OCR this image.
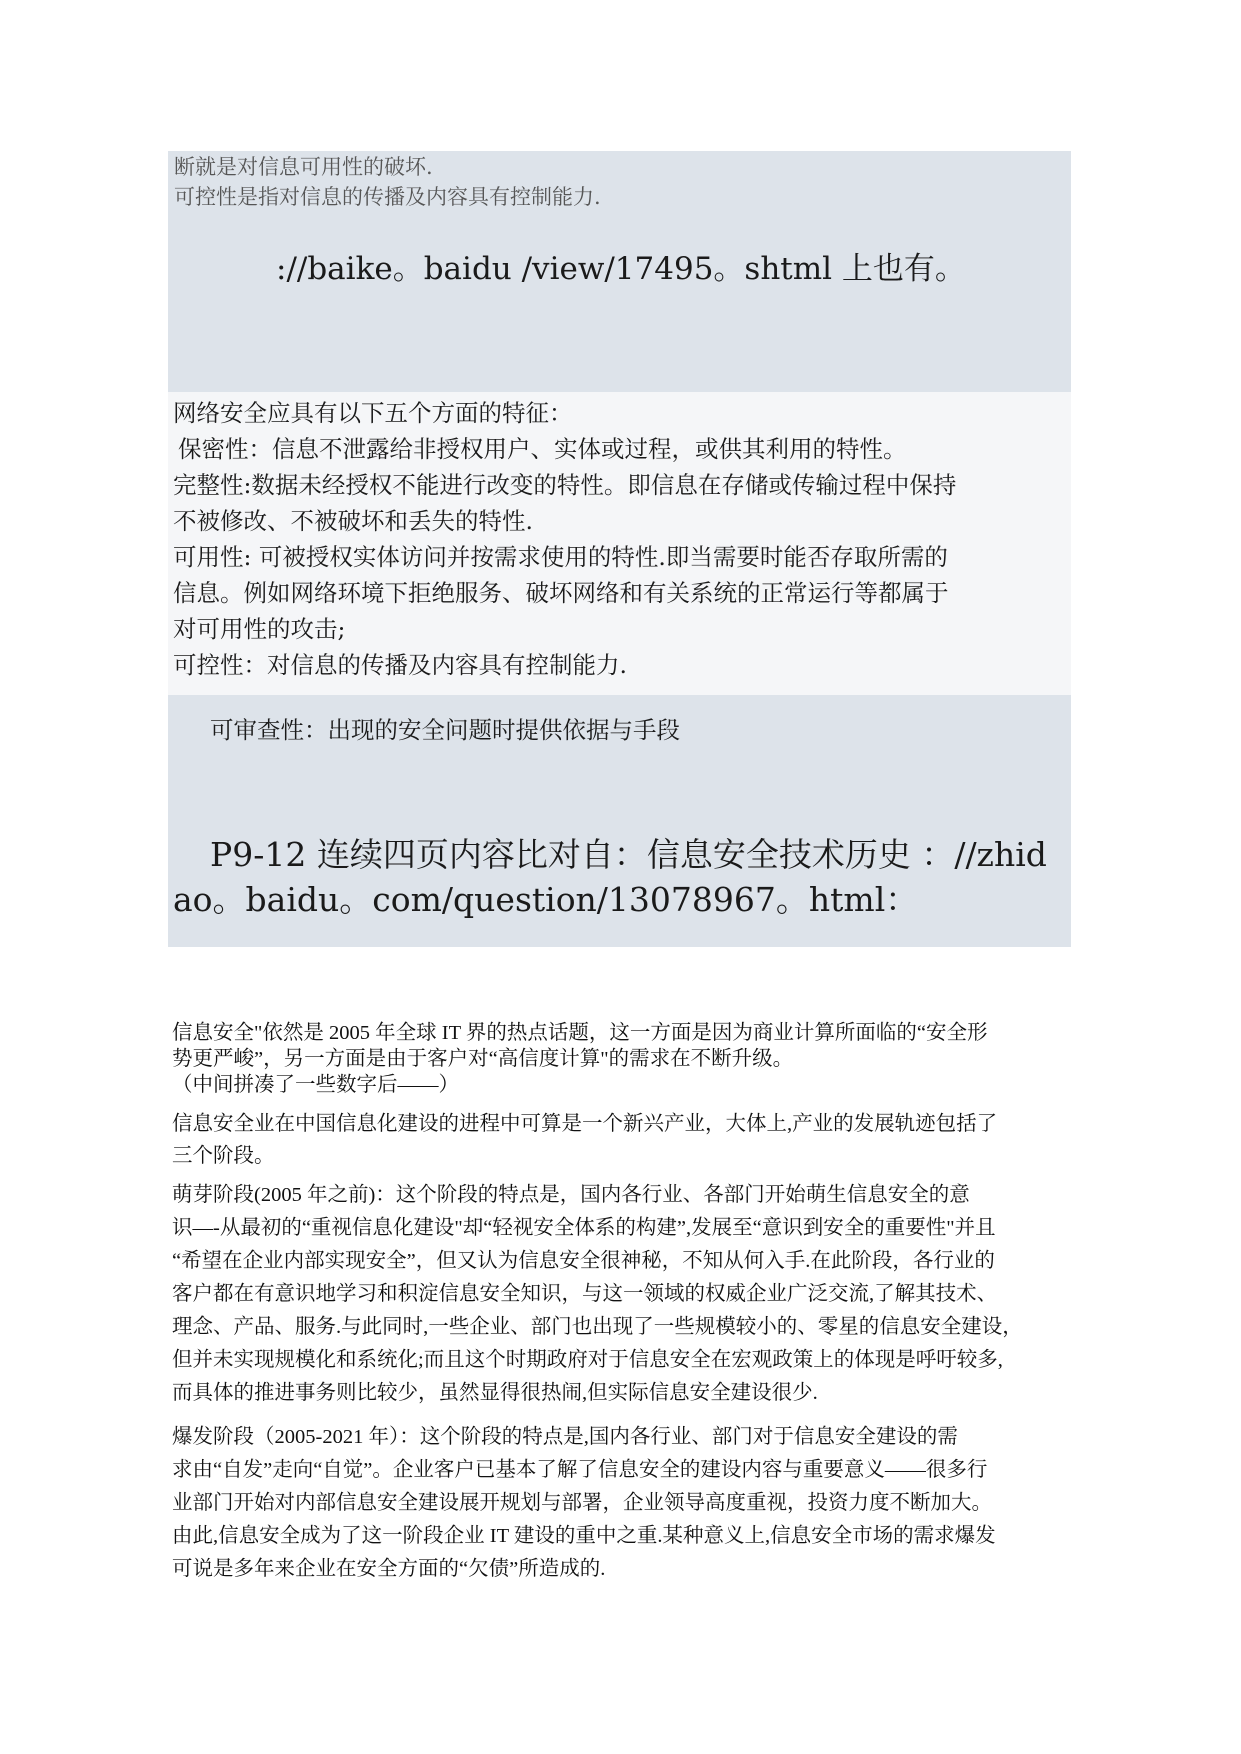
断就是对信息可用性的破坏.
可控性是指对信息的传播及内容具有控制能力.
://baike。baidu /view/17495。shtml 上也有。
网络安全应具有以下五个方面的特征：
保密性：信息不泄露给非授权用户、实体或过程，或供其利用的特性。
完整性:数据未经授权不能进行改变的特性。即信息在存储或传输过程中保持
不被修改、不被破坏和丢失的特性.
可用性: 可被授权实体访问并按需求使用的特性.即当需要时能否存取所需的
信息。例如网络环境下拒绝服务、破坏网络和有关系统的正常运行等都属于
对可用性的攻击;
可控性：对信息的传播及内容具有控制能力.
可审查性：出现的安全问题时提供依据与手段
P9-12 连续四页内容比对自：信息安全技术历史 ：//zhid
ao。baidu。com/question/13078967。html：
信息安全"依然是 2005 年全球 IT 界的热点话题，这一方面是因为商业计算所面临的“安全形
势更严峻”，另一方面是由于客户对“高信度计算"的需求在不断升级。
（中间拼凑了一些数字后——）
信息安全业在中国信息化建设的进程中可算是一个新兴产业，大体上,产业的发展轨迹包括了
三个阶段。
萌芽阶段(2005 年之前)：这个阶段的特点是，国内各行业、各部门开始萌生信息安全的意
识—-从最初的“重视信息化建设"却“轻视安全体系的构建”,发展至“意识到安全的重要性"并且
“希望在企业内部实现安全”，但又认为信息安全很神秘，不知从何入手.在此阶段，各行业的
客户都在有意识地学习和积淀信息安全知识，与这一领域的权威企业广泛交流,了解其技术、
理念、产品、服务.与此同时,一些企业、部门也出现了一些规模较小的、零星的信息安全建设，
但并未实现规模化和系统化;而且这个时期政府对于信息安全在宏观政策上的体现是呼吁较多,
而具体的推进事务则比较少，虽然显得很热闹,但实际信息安全建设很少.
爆发阶段（2005-2021 年）：这个阶段的特点是,国内各行业、部门对于信息安全建设的需
求由“自发”走向“自觉”。企业客户已基本了解了信息安全的建设内容与重要意义——很多行
业部门开始对内部信息安全建设展开规划与部署，企业领导高度重视，投资力度不断加大。
由此,信息安全成为了这一阶段企业 IT 建设的重中之重.某种意义上,信息安全市场的需求爆发
可说是多年来企业在安全方面的“欠债”所造成的.
